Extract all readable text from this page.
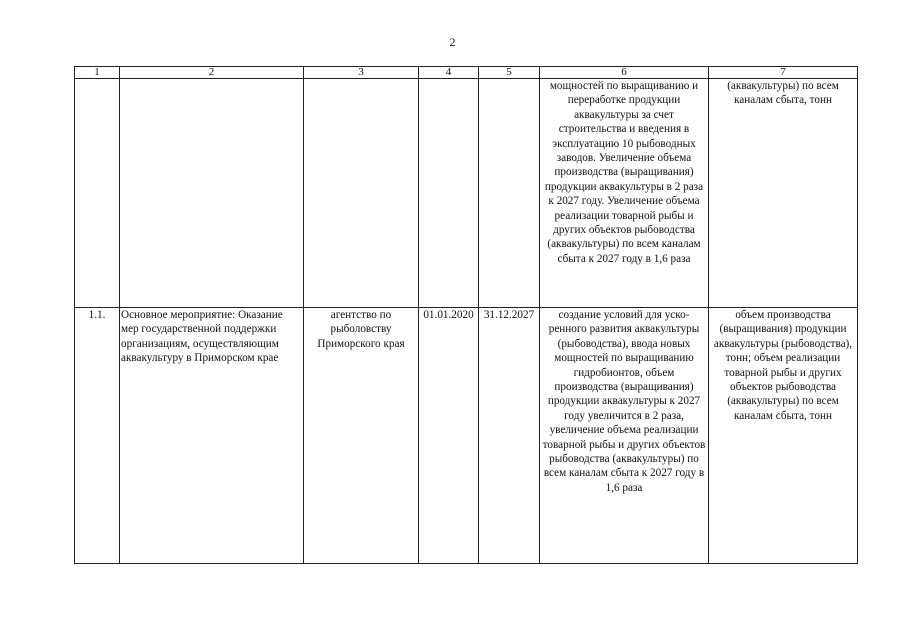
2
1	2	3	4	5	6	7
					мощностей по выращиванию и переработке продукции аквакультуры за счет строительства и введения в эксплуатацию 10 рыбоводных заводов. Увеличение объема производства (выращивания) продукции аквакультуры в 2 раза к 2027 году. Увеличение объема реализации товарной рыбы и других объектов рыбоводства (аквакультуры) по всем каналам сбыта к 2027 году в 1,6 раза	(аквакультуры) по всем каналам сбыта, тонн
1.1.	Основное мероприятие: Оказание мер государственной поддержки организациям, осуществляющим аквакультуру в Приморском крае	агентство по рыболовству Приморского края	01.01.2020	31.12.2027	создание условий для уско-ренного развития аквакультуры (рыбоводства), ввода новых мощностей по выращиванию гидробионтов, объем производства (выращивания) продукции аквакультуры к 2027 году увеличится в 2 раза, увеличение объема реализации товарной рыбы и других объектов рыбоводства (аквакультуры) по всем каналам сбыта к 2027 году в 1,6 раза	объем производства (выращивания) продукции аквакультуры (рыбоводства), тонн; объем реализации товарной рыбы и других объектов рыбоводства (аквакультуры) по всем каналам сбыта, тонн
